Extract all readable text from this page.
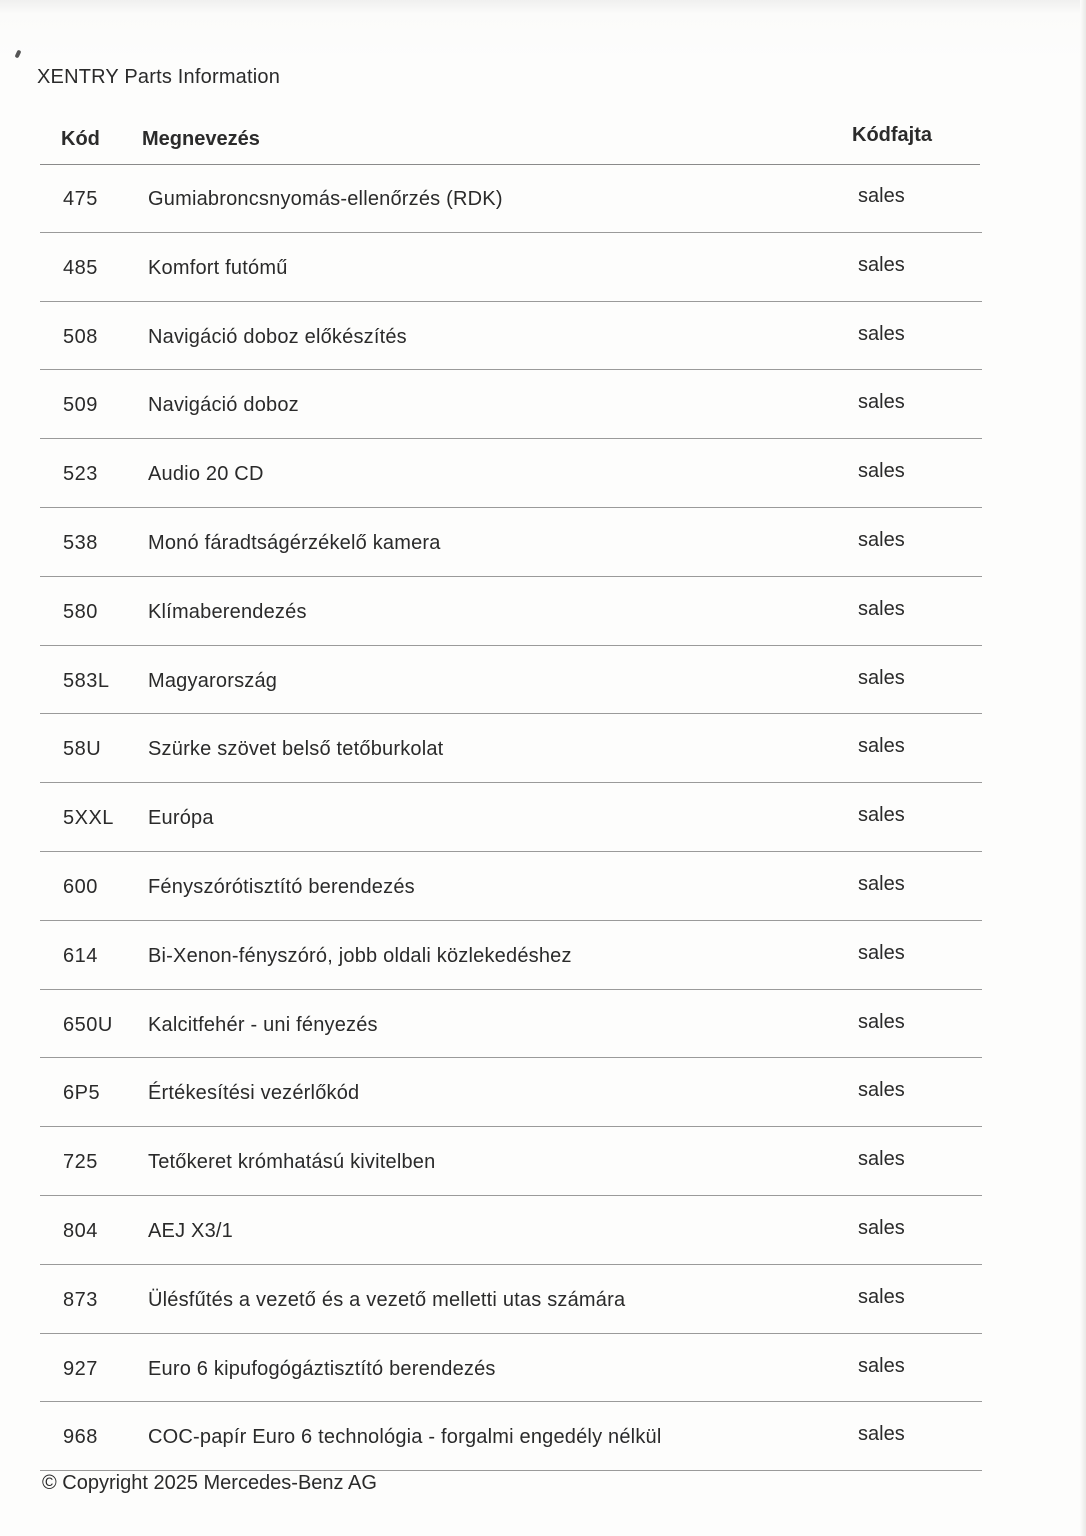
XENTRY Parts Information
Kód Megnevezés	Kódfajta
475	Gumiabroncsnyomás-ellenőrzés (RDK)	sales
485	Komfort futómű	sales
508	Navigáció doboz előkészítés	sales
509	Navigáció doboz	sales
523	Audio 20 CD	sales
538	Monó fáradtságérzékelő kamera	sales
580	Klímaberendezés	sales
583L Magyarország	sales
58U Szürke szövet belső tetőburkolat	sales
5XXL Európa	sales
600	Fényszórótisztító berendezés	sales
614	Bi-Xenon-fényszóró, jobb oldali közlekedéshez	sales
650U Kalcitfehér - uni fényezés	sales
6P5 Értékesítési vezérlőkód	sales
725	Tetőkeret krómhatású kivitelben	sales
804	AEJ X3/1	sales
873	Ülésfűtés a vezető és a vezető melletti utas számára	sales
927	Euro 6 kipufogógáztisztító berendezés	sales
968	COC-papír Euro 6 technológia - forgalmi engedély nélkül	sales
© Copyright 2025 Mercedes-Benz AG
